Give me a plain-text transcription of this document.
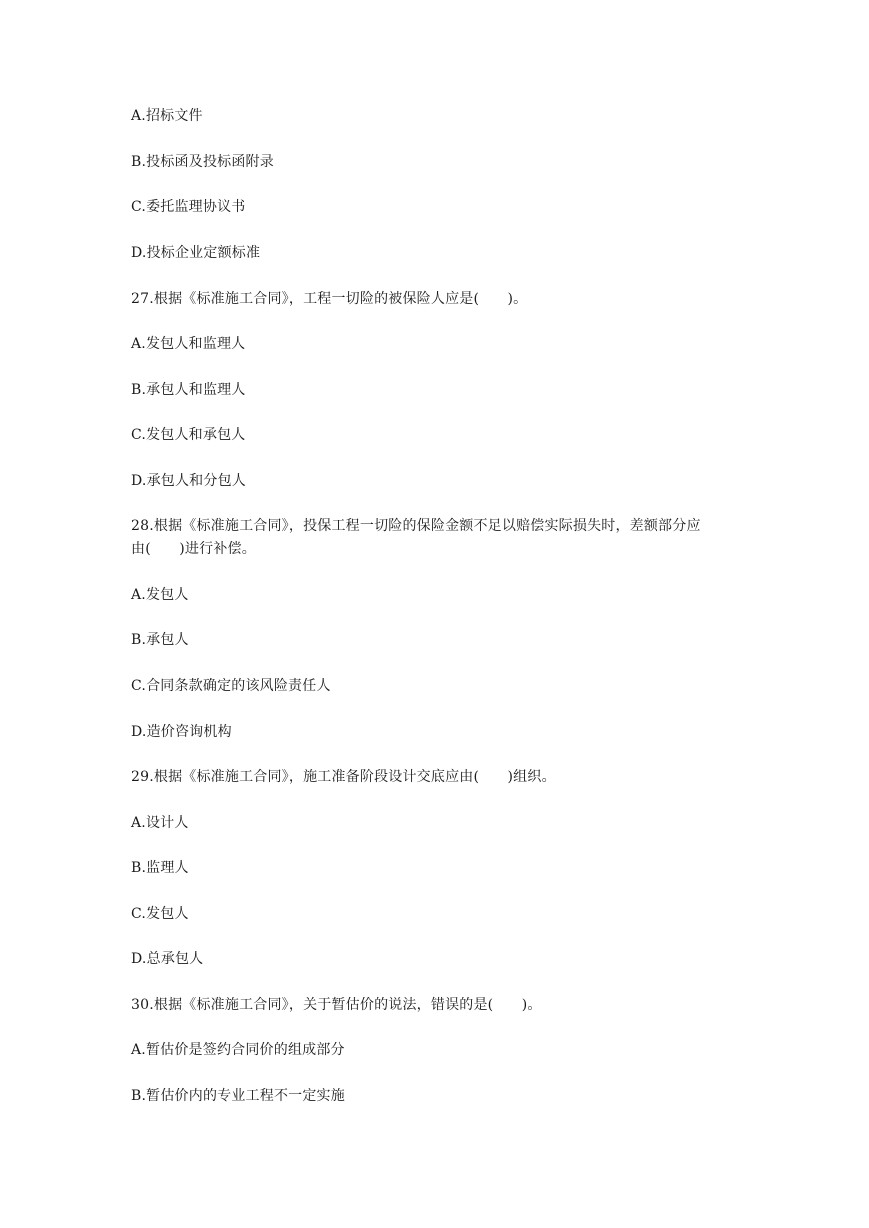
A.招标文件
B.投标函及投标函附录
C.委托监理协议书
D.投标企业定额标准
27.根据《标准施工合同》，工程一切险的被保险人应是(　　)。
A.发包人和监理人
B.承包人和监理人
C.发包人和承包人
D.承包人和分包人
28.根据《标准施工合同》，投保工程一切险的保险金额不足以赔偿实际损失时，差额部分应
由(　　)进行补偿。
A.发包人
B.承包人
C.合同条款确定的该风险责任人
D.造价咨询机构
29.根据《标准施工合同》，施工准备阶段设计交底应由(　　)组织。
A.设计人
B.监理人
C.发包人
D.总承包人
30.根据《标准施工合同》，关于暂估价的说法，错误的是(　　)。
A.暂估价是签约合同价的组成部分
B.暂估价内的专业工程不一定实施
